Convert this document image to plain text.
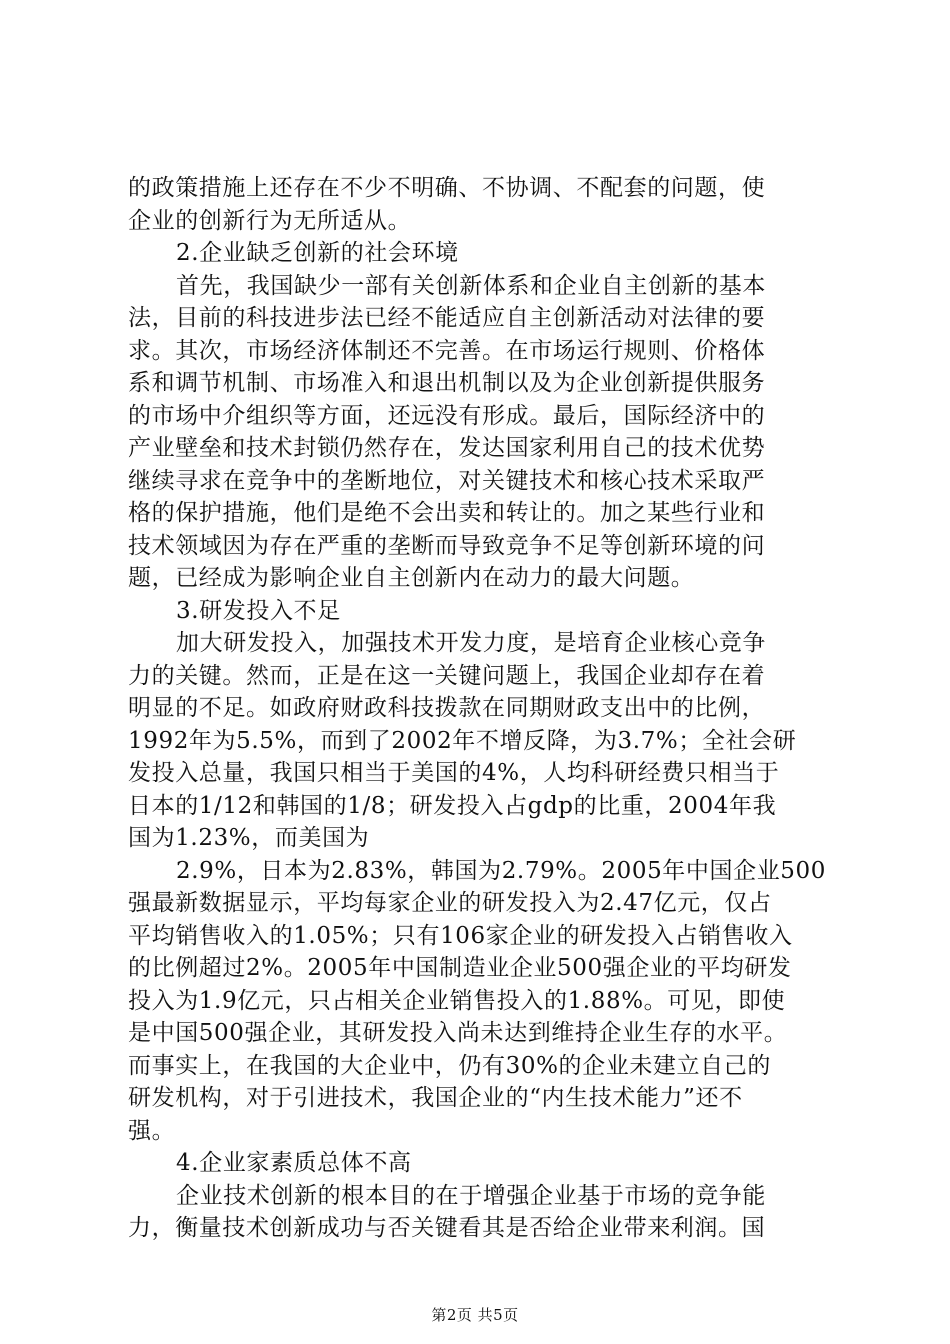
的政策措施上还存在不少不明确、不协调、不配套的问题，使
企业的创新行为无所适从。
2.企业缺乏创新的社会环境
首先，我国缺少一部有关创新体系和企业自主创新的基本
法，目前的科技进步法已经不能适应自主创新活动对法律的要
求。其次，市场经济体制还不完善。在市场运行规则、价格体
系和调节机制、市场准入和退出机制以及为企业创新提供服务
的市场中介组织等方面，还远没有形成。最后，国际经济中的
产业壁垒和技术封锁仍然存在，发达国家利用自己的技术优势
继续寻求在竞争中的垄断地位，对关键技术和核心技术采取严
格的保护措施，他们是绝不会出卖和转让的。加之某些行业和
技术领域因为存在严重的垄断而导致竞争不足等创新环境的问
题，已经成为影响企业自主创新内在动力的最大问题。
3.研发投入不足
加大研发投入，加强技术开发力度，是培育企业核心竞争
力的关键。然而，正是在这一关键问题上，我国企业却存在着
明显的不足。如政府财政科技拨款在同期财政支出中的比例，
1992年为5.5%，而到了2002年不增反降，为3.7%；全社会研
发投入总量，我国只相当于美国的4%，人均科研经费只相当于
日本的1/12和韩国的1/8；研发投入占gdp的比重，2004年我
国为1.23%，而美国为
2.9%，日本为2.83%，韩国为2.79%。2005年中国企业500
强最新数据显示，平均每家企业的研发投入为2.47亿元，仅占
平均销售收入的1.05%；只有106家企业的研发投入占销售收入
的比例超过2%。2005年中国制造业企业500强企业的平均研发
投入为1.9亿元，只占相关企业销售投入的1.88%。可见，即使
是中国500强企业，其研发投入尚未达到维持企业生存的水平。
而事实上，在我国的大企业中，仍有30%的企业未建立自己的
研发机构，对于引进技术，我国企业的“内生技术能力”还不
强。
4.企业家素质总体不高
企业技术创新的根本目的在于增强企业基于市场的竞争能
力，衡量技术创新成功与否关键看其是否给企业带来利润。国
第2页 共5页
